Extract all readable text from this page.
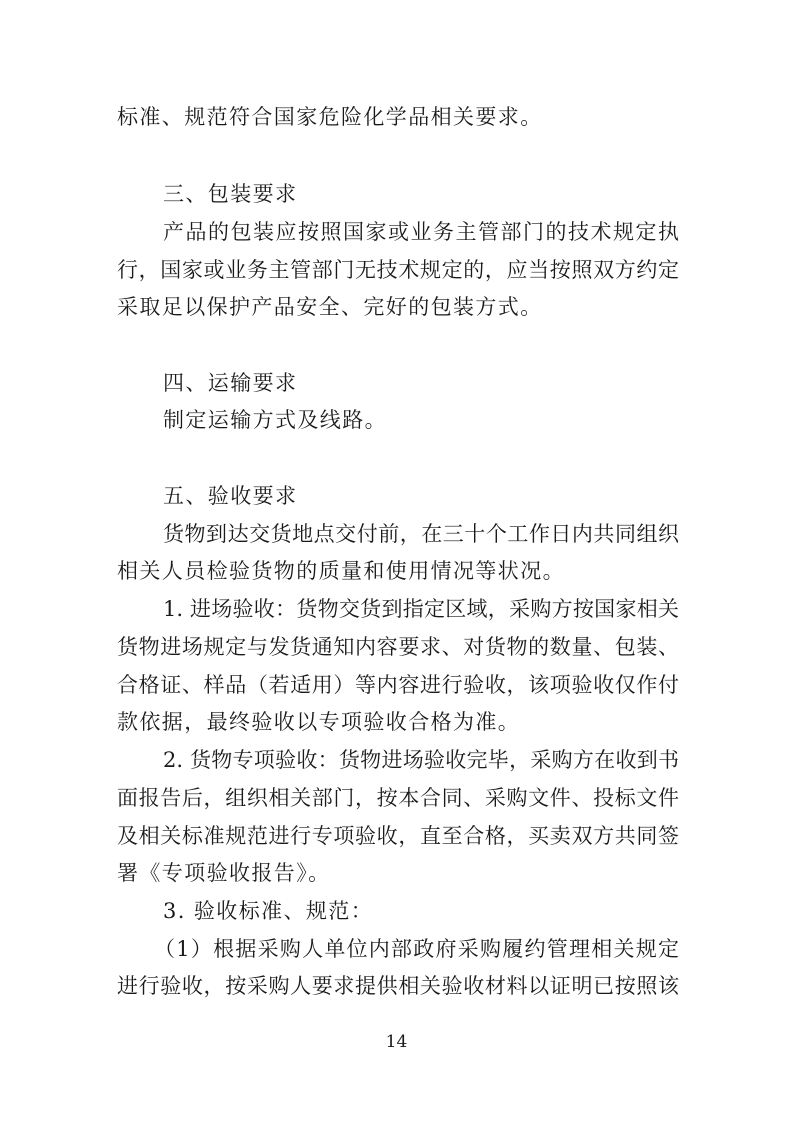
标准、规范符合国家危险化学品相关要求。
三、包装要求
产品的包装应按照国家或业务主管部门的技术规定执
行，国家或业务主管部门无技术规定的，应当按照双方约定
采取足以保护产品安全、完好的包装方式。
四、运输要求
制定运输方式及线路。
五、验收要求
货物到达交货地点交付前，在三十个工作日内共同组织
相关人员检验货物的质量和使用情况等状况。
1. 进场验收：货物交货到指定区域，采购方按国家相关
货物进场规定与发货通知内容要求、对货物的数量、包装、
合格证、样品（若适用）等内容进行验收，该项验收仅作付
款依据，最终验收以专项验收合格为准。
2. 货物专项验收：货物进场验收完毕，采购方在收到书
面报告后，组织相关部门，按本合同、采购文件、投标文件
及相关标准规范进行专项验收，直至合格，买卖双方共同签
署《专项验收报告》。
3. 验收标准、规范：
（1）根据采购人单位内部政府采购履约管理相关规定
进行验收，按采购人要求提供相关验收材料以证明已按照该
14
